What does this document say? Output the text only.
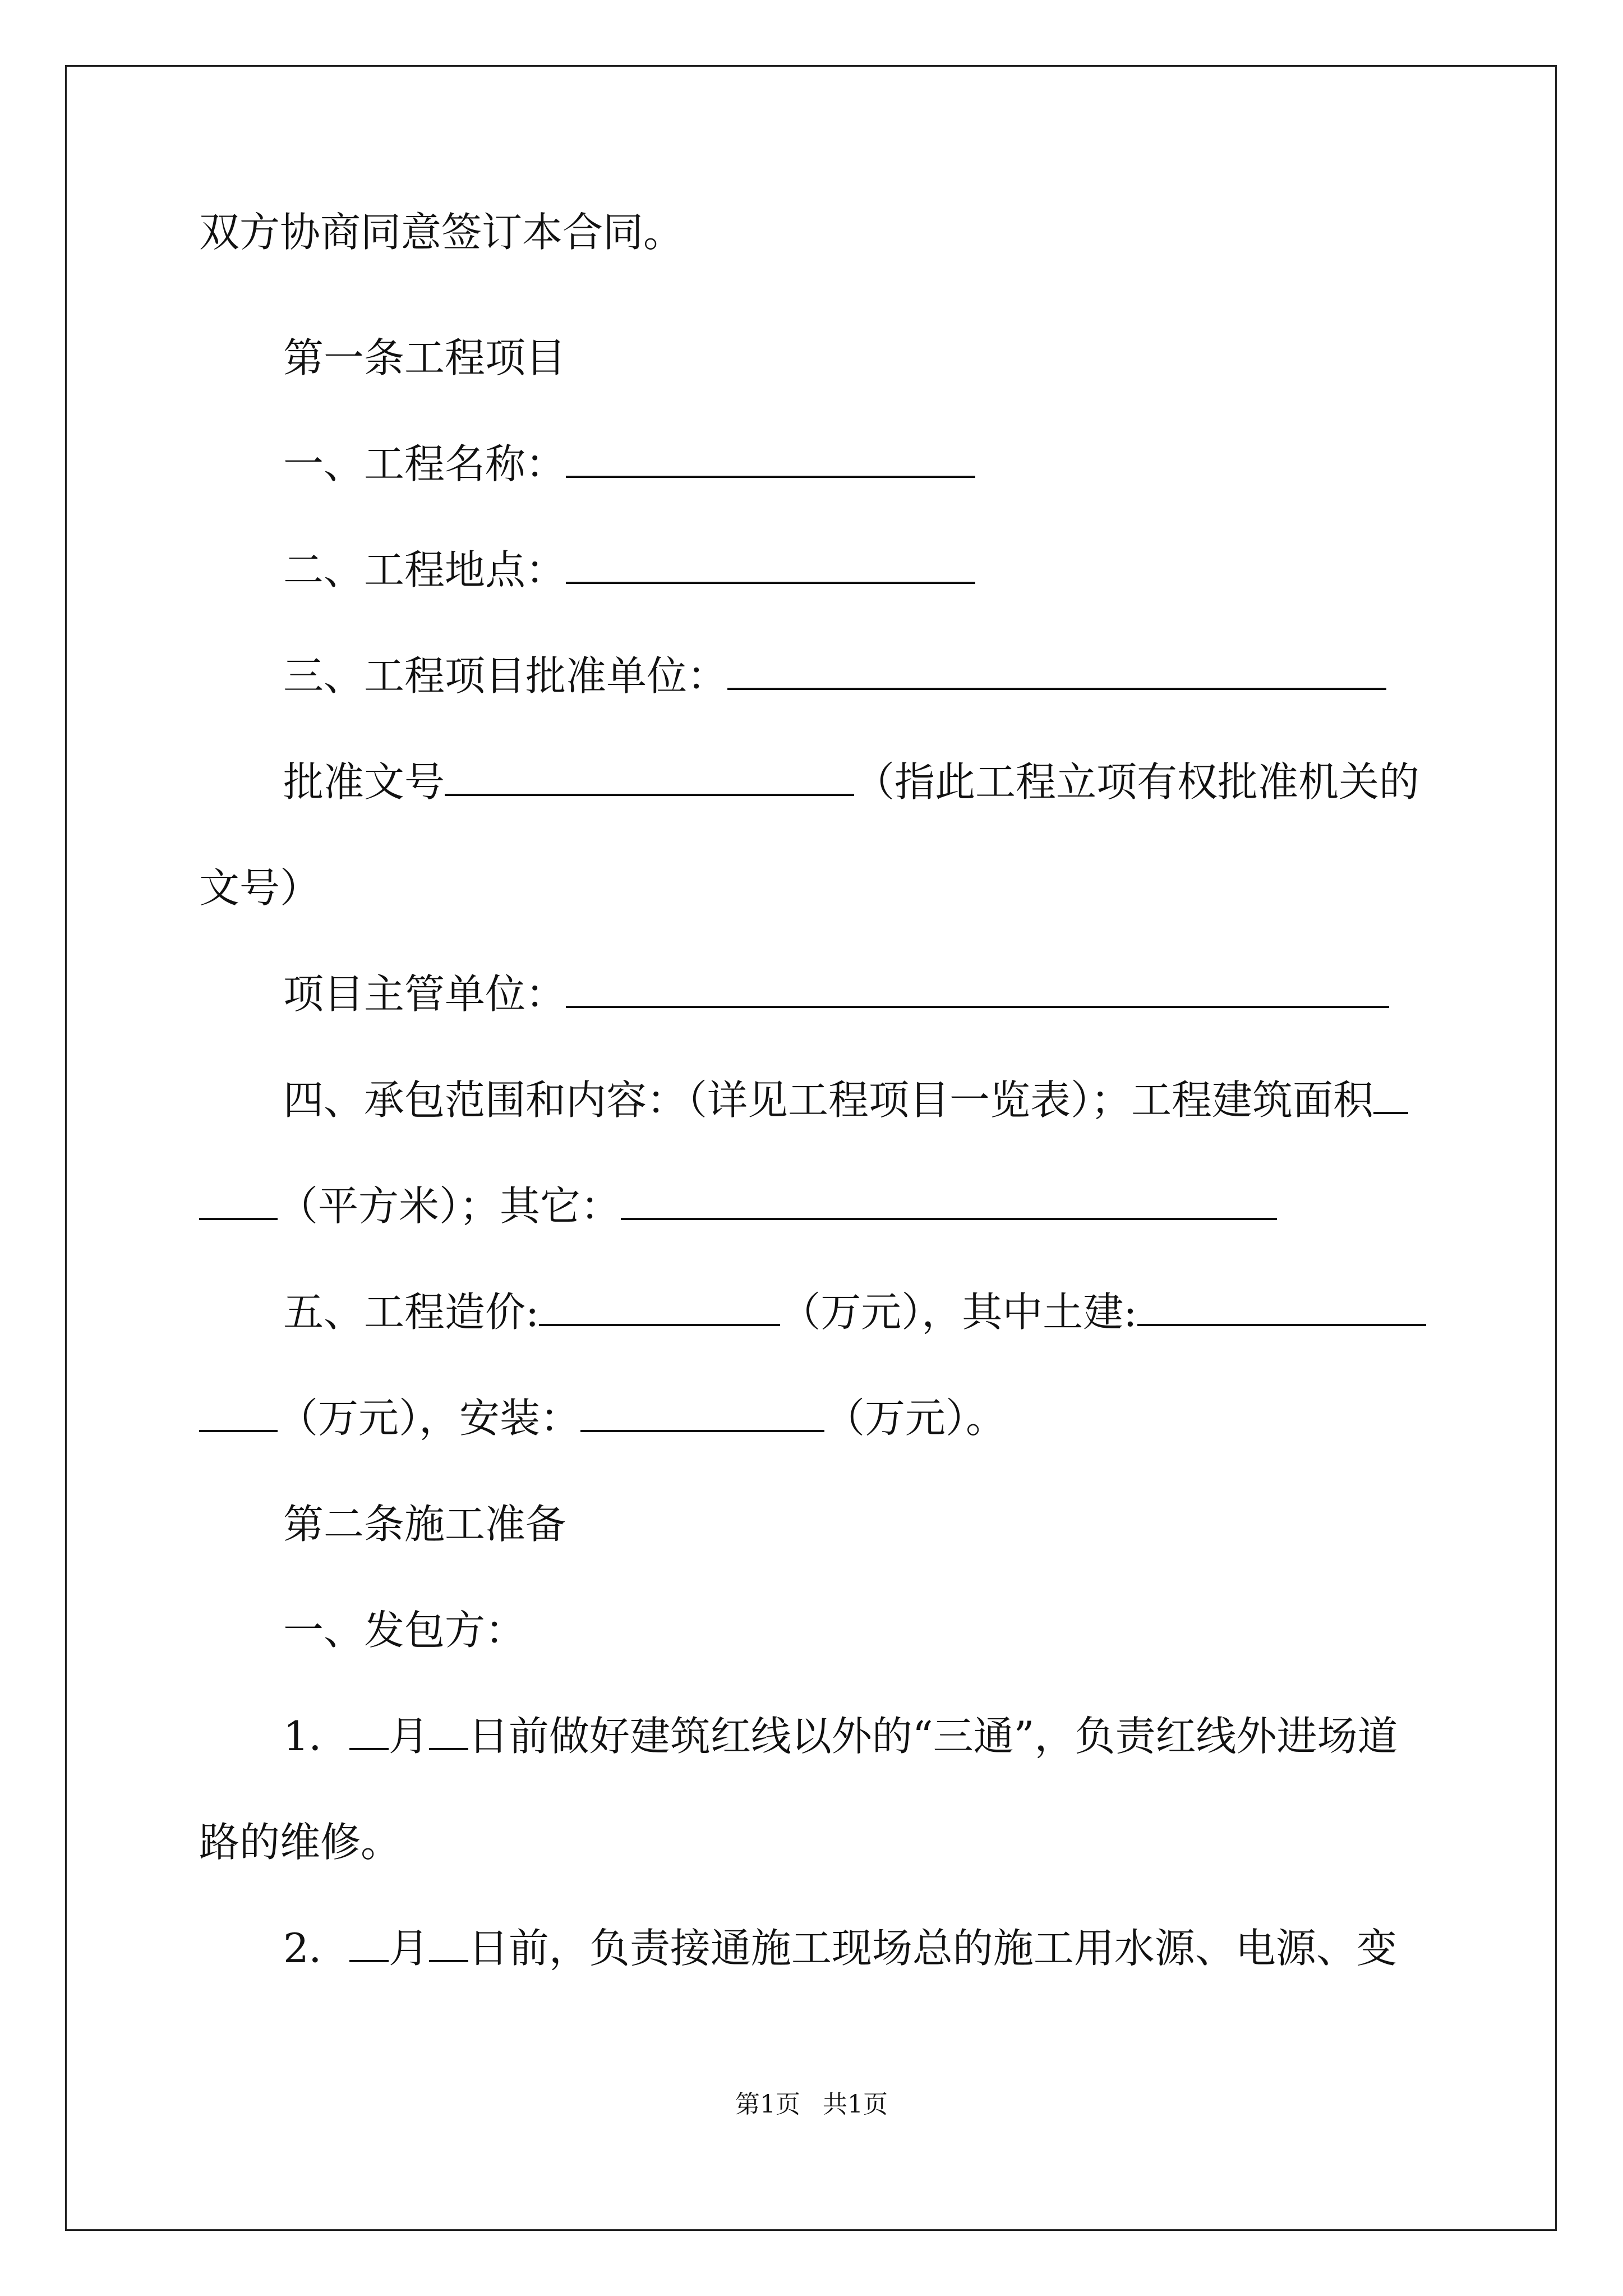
双方协商同意签订本合同。
第一条工程项目
一、工程名称：
二、工程地点：
三、工程项目批准单位：
批准文号	（指此工程立项有权批准机关的
文号）
项目主管单位：
四、承包范围和内容：（详见工程项目一览表）；工程建筑面积
（平方米）；其它：
五、工程造价:	（万元），其中土建:
（万元），安装：	（万元）。
第二条施工准备
一、发包方：
1． 月 日前做好建筑红线以外的“三通”，负责红线外进场道
路的维修。
2． 月 日前，负责接通施工现场总的施工用水源、电源、变
第1页 共1页
